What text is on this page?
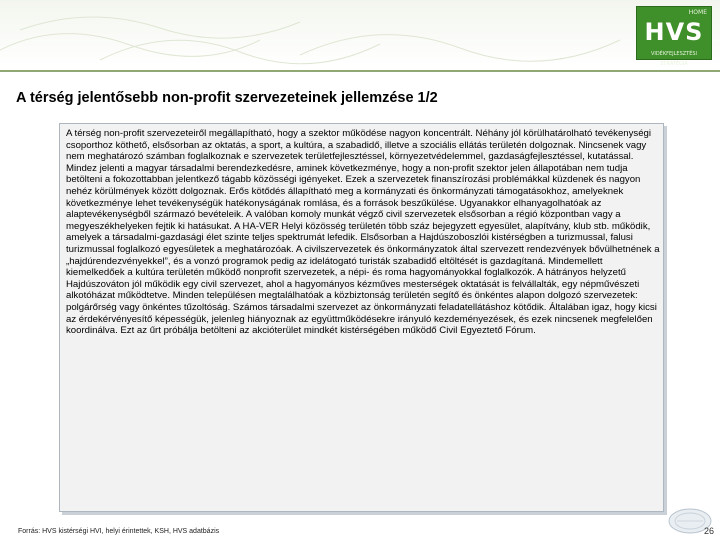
HOME
HVS
VIDÉKFEJLESZTÉSI STRATÉGIA
A térség jelentősebb non-profit szervezeteinek jellemzése 1/2

A térség non-profit szervezeteiről megállapítható, hogy a szektor működése nagyon koncentrált. Néhány jól körülhatárolható tevékenységi csoporthoz köthető, elsősorban az oktatás, a sport, a kultúra, a szabadidő, illetve a szociális ellátás területén dolgoznak. Nincsenek vagy nem meghatározó számban foglalkoznak e szervezetek területfejlesztéssel, környezetvédelemmel, gazdaságfejlesztéssel, kutatással. Mindez jelenti a magyar társadalmi berendezkedésre, aminek következménye, hogy a non-profit szektor jelen állapotában nem tudja betölteni a fokozottabban jelentkező tágabb közösségi igényeket. Ezek a szervezetek finanszírozási problémákkal küzdenek és nagyon nehéz körülmények között dolgoznak. Erős kötődés állapítható meg a kormányzati és önkormányzati támogatásokhoz, amelyeknek következménye lehet tevékenységük hatékonyságának romlása, és a források beszűkülése. Ugyanakkor elhanyagolhatóak az alaptevékenységből származó bevételeik. A valóban komoly munkát végző civil szervezetek elsősorban a régió központban vagy a megyeszékhelyeken fejtik ki hatásukat. A HA-VER Helyi közösség területén több száz bejegyzett egyesület, alapítvány, klub stb. működik, amelyek a társadalmi-gazdasági élet szinte teljes spektrumát lefedik. Elsősorban a Hajdúszoboszlói kistérségben a turizmussal, falusi turizmussal foglalkozó egyesületek a meghatározóak. A civilszervezetek és önkormányzatok által szervezett rendezvények bővülhetnének a „hajdúrendezvényekkel”, és a vonzó programok pedig az idelátogató turisták szabadidő eltöltését is gazdagítaná. Mindemellett kiemelkedőek a kultúra területén működő nonprofit szervezetek, a népi- és roma hagyományokkal foglalkozók. A hátrányos helyzetű Hajdúszováton jól működik egy civil szervezet, ahol a hagyományos kézműves mesterségek oktatását is felvállalták, egy népművészeti alkotóházat működtetve. Minden településen megtalálhatóak a közbiztonság területén segítő és önkéntes alapon dolgozó szervezetek: polgárőrség vagy önkéntes tűzoltóság. Számos társadalmi szervezet az önkormányzati feladatellátáshoz kötődik. Általában igaz, hogy kicsi az érdekérvényesítő képességük, jelenleg hiányoznak az együttműködésekre irányuló kezdeményezések, és ezek nincsenek megfelelően koordinálva. Ezt az űrt próbálja betölteni az akcióterület mindkét kistérségében működő Civil Egyeztető Fórum.

Forrás: HVS kistérségi HVI, helyi érintettek, KSH, HVS adatbázis	26
